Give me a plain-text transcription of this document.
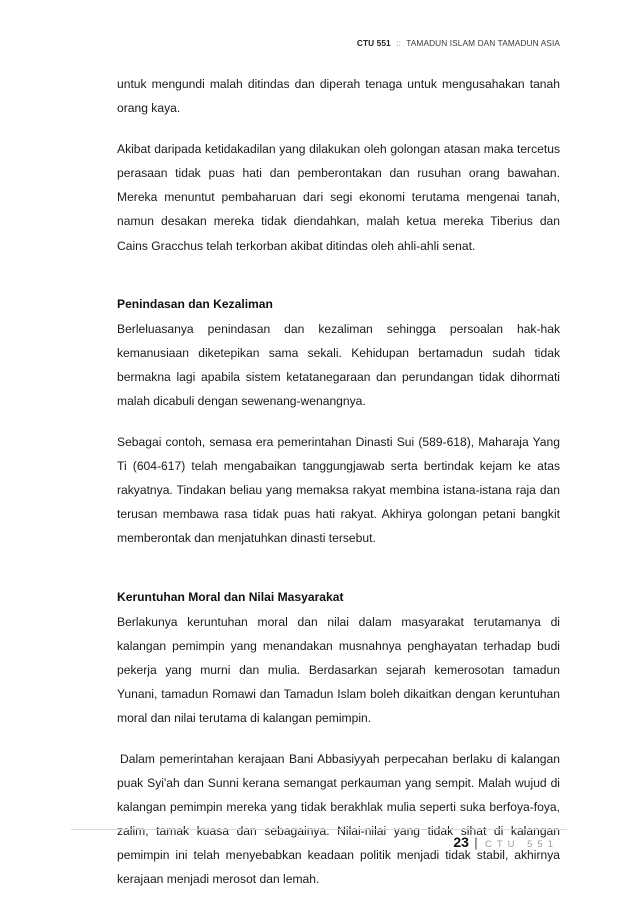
CTU 551 :: TAMADUN ISLAM DAN TAMADUN ASIA

untuk mengundi malah ditindas dan diperah tenaga untuk mengusahakan tanah orang kaya.

Akibat daripada ketidakadilan yang dilakukan oleh golongan atasan maka tercetus perasaan tidak puas hati dan pemberontakan dan rusuhan orang bawahan. Mereka menuntut pembaharuan dari segi ekonomi terutama mengenai tanah, namun desakan mereka tidak diendahkan, malah ketua mereka Tiberius dan Cains Gracchus telah terkorban akibat ditindas oleh ahli-ahli senat.

Penindasan dan Kezaliman

Berleluasanya penindasan dan kezaliman sehingga persoalan hak-hak kemanusiaan diketepikan sama sekali. Kehidupan bertamadun sudah tidak bermakna lagi apabila sistem ketatanegaraan dan perundangan tidak dihormati malah dicabuli dengan sewenang-wenangnya.

Sebagai contoh, semasa era pemerintahan Dinasti Sui (589-618), Maharaja Yang Ti (604-617) telah mengabaikan tanggungjawab serta bertindak kejam ke atas rakyatnya. Tindakan beliau yang memaksa rakyat membina istana-istana raja dan terusan membawa rasa tidak puas hati rakyat. Akhirya golongan petani bangkit memberontak dan menjatuhkan dinasti tersebut.

Keruntuhan Moral dan Nilai Masyarakat

Berlakunya keruntuhan moral dan nilai dalam masyarakat terutamanya di kalangan pemimpin yang menandakan musnahnya penghayatan terhadap budi pekerja yang murni dan mulia. Berdasarkan sejarah kemerosotan tamadun Yunani, tamadun Romawi dan Tamadun Islam boleh dikaitkan dengan keruntuhan moral dan nilai terutama di kalangan pemimpin.

Dalam pemerintahan kerajaan Bani Abbasiyyah perpecahan berlaku di kalangan puak Syi'ah dan Sunni kerana semangat perkauman yang sempit. Malah wujud di kalangan pemimpin mereka yang tidak berakhlak mulia seperti suka berfoya-foya, zalim, tamak kuasa dan sebagainya. Nilai-nilai yang tidak sihat di kalangan pemimpin ini telah menyebabkan keadaan politik menjadi tidak stabil, akhirnya kerajaan menjadi merosot dan lemah.

23 | CTU 551
